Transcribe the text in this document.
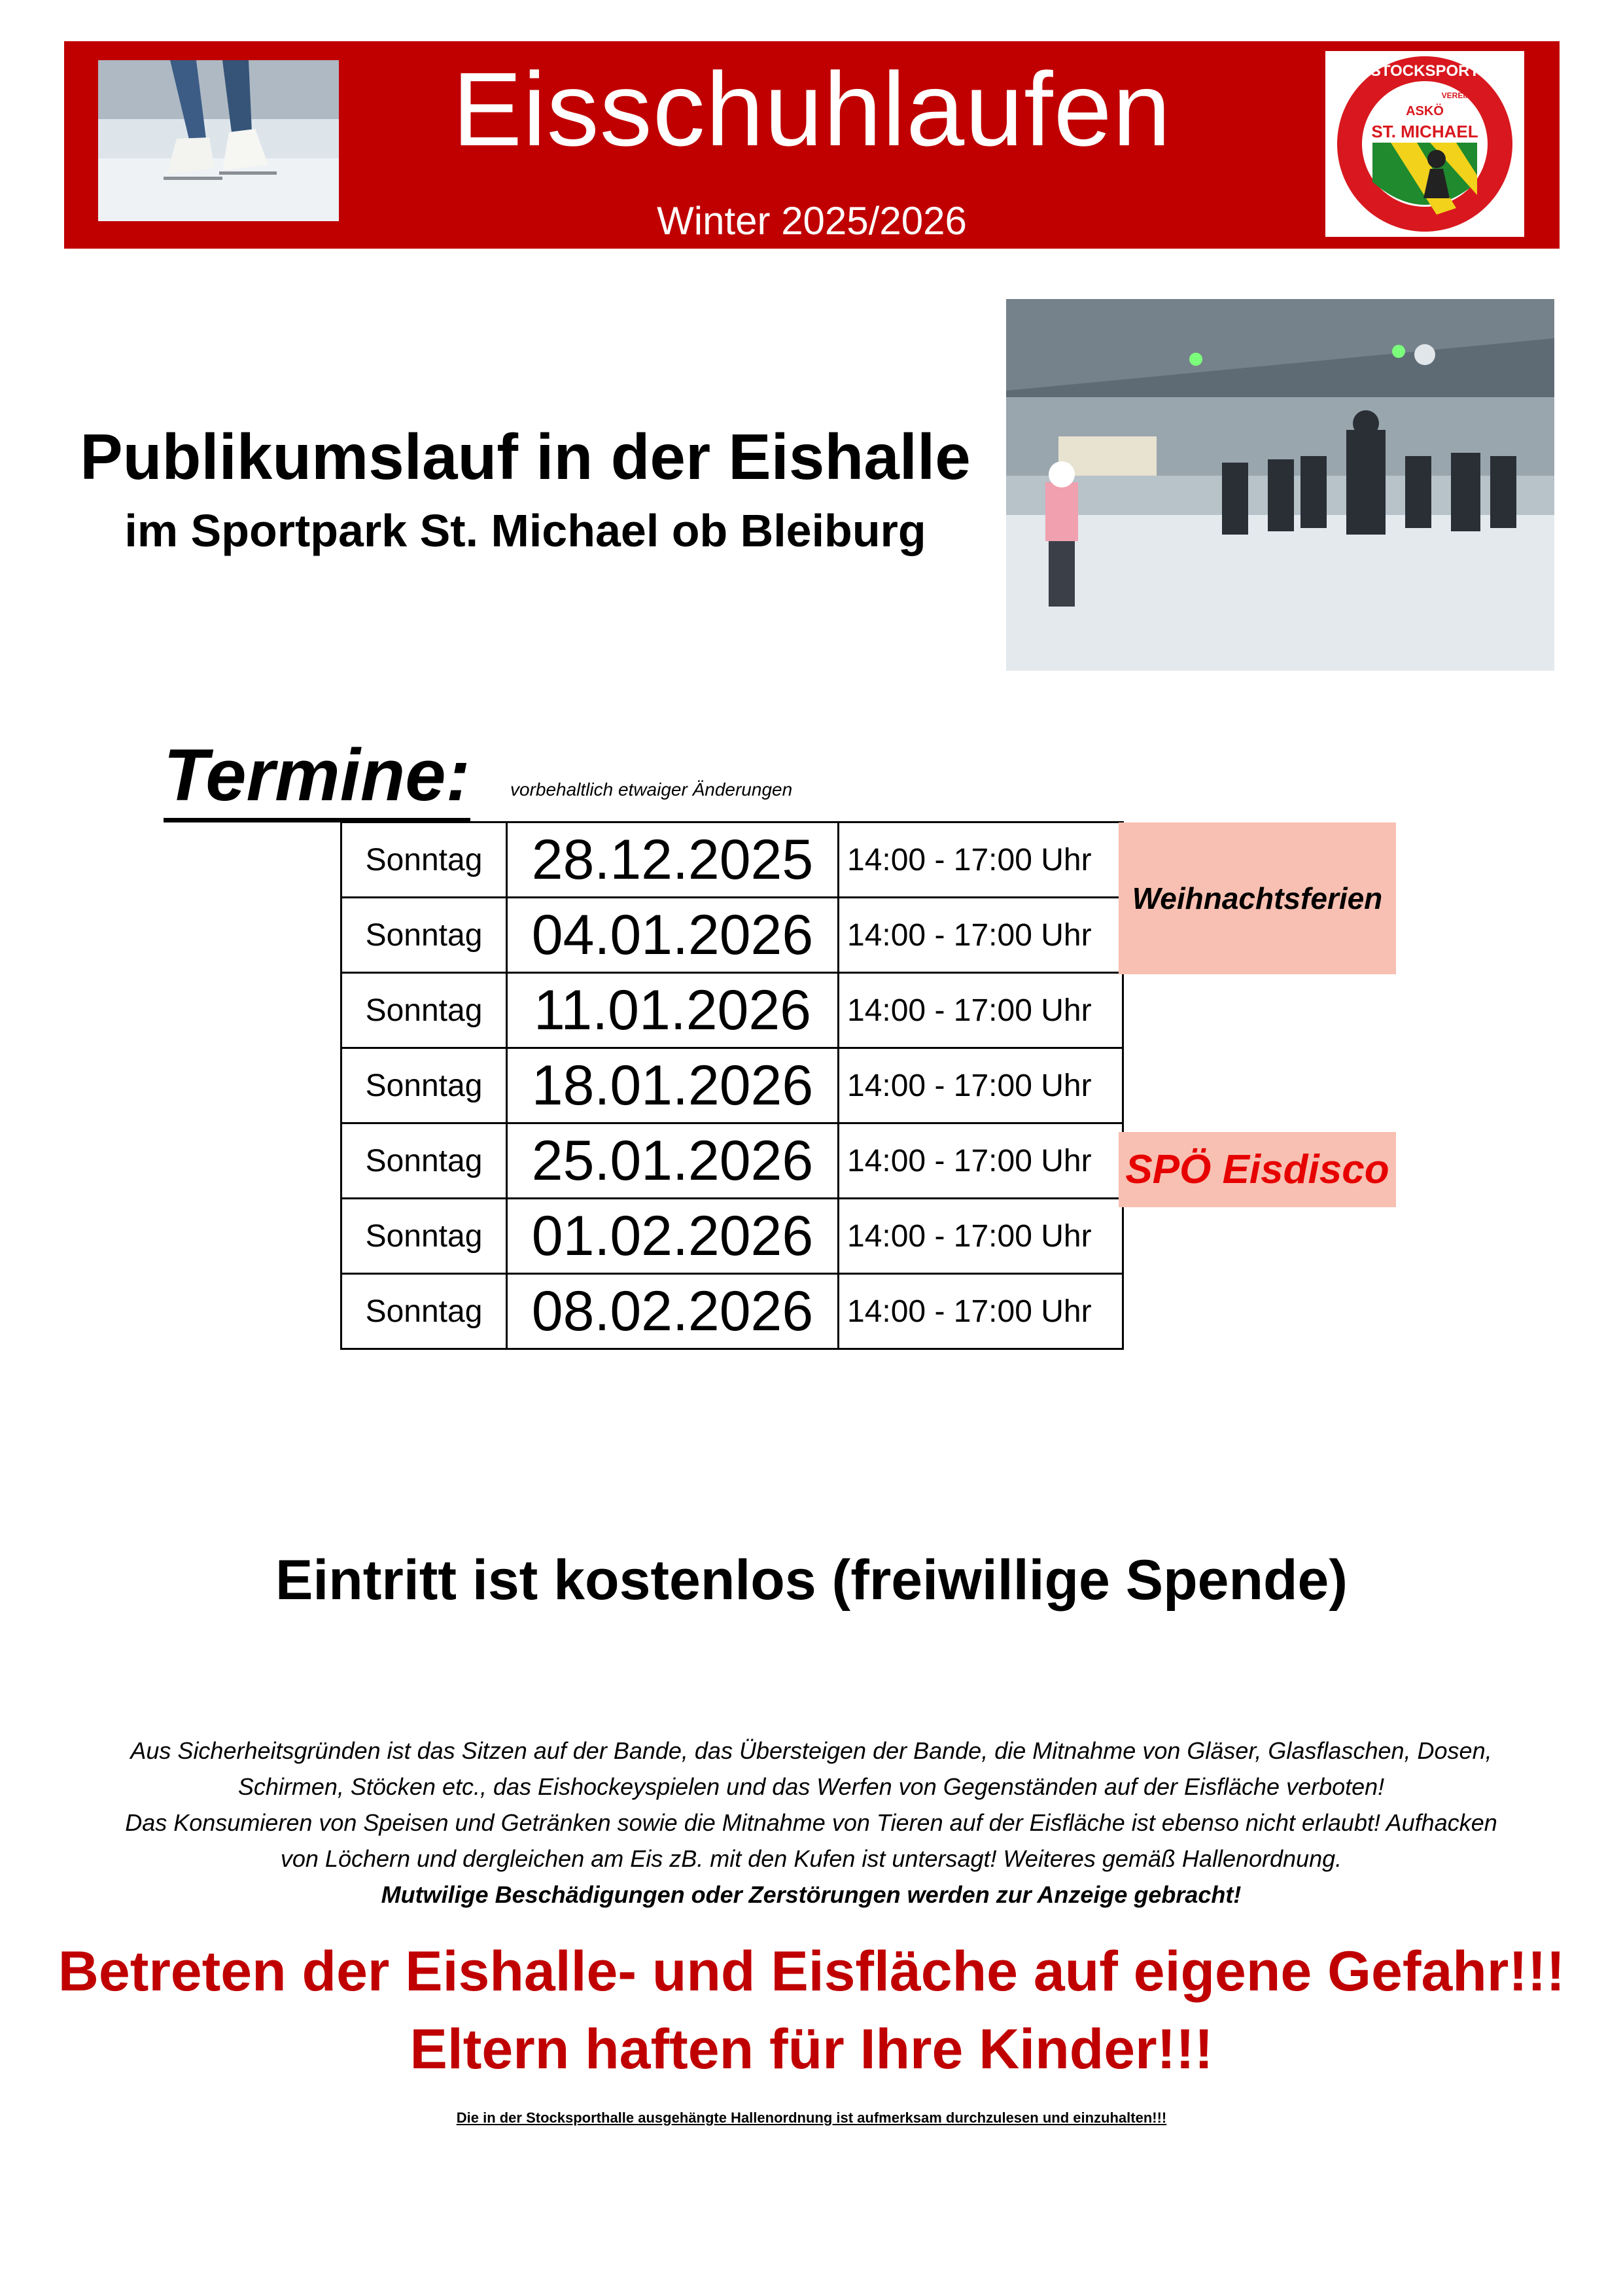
Eisschuhlaufen
Winter 2025/2026
ST. MICHAEL
ASKÖ
STOCKSPORT
VEREIN
Publikumslauf in der Eishalle
im Sportpark St. Michael ob Bleiburg
Termine: vorbehaltlich etwaiger Änderungen
Sonntag	28.12.2025	14:00 - 17:00 Uhr
Sonntag	04.01.2026	14:00 - 17:00 Uhr
Sonntag	11.01.2026	14:00 - 17:00 Uhr
Sonntag	18.01.2026	14:00 - 17:00 Uhr
Sonntag	25.01.2026	14:00 - 17:00 Uhr
Sonntag	01.02.2026	14:00 - 17:00 Uhr
Sonntag	08.02.2026	14:00 - 17:00 Uhr
Weihnachtsferien
SPÖ Eisdisco
Eintritt ist kostenlos (freiwillige Spende)

Aus Sicherheitsgründen ist das Sitzen auf der Bande, das Übersteigen der Bande, die Mitnahme von Gläser, Glasflaschen, Dosen,

Schirmen, Stöcken etc., das Eishockeyspielen und das Werfen von Gegenständen auf der Eisfläche verboten!

Das Konsumieren von Speisen und Getränken sowie die Mitnahme von Tieren auf der Eisfläche ist ebenso nicht erlaubt! Aufhacken

von Löchern und dergleichen am Eis zB. mit den Kufen ist untersagt! Weiteres gemäß Hallenordnung.

Mutwilige Beschädigungen oder Zerstörungen werden zur Anzeige gebracht!

Betreten der Eishalle- und Eisfläche auf eigene Gefahr!!!
Eltern haften für Ihre Kinder!!!
Die in der Stocksporthalle ausgehängte Hallenordnung ist aufmerksam durchzulesen und einzuhalten!!!
